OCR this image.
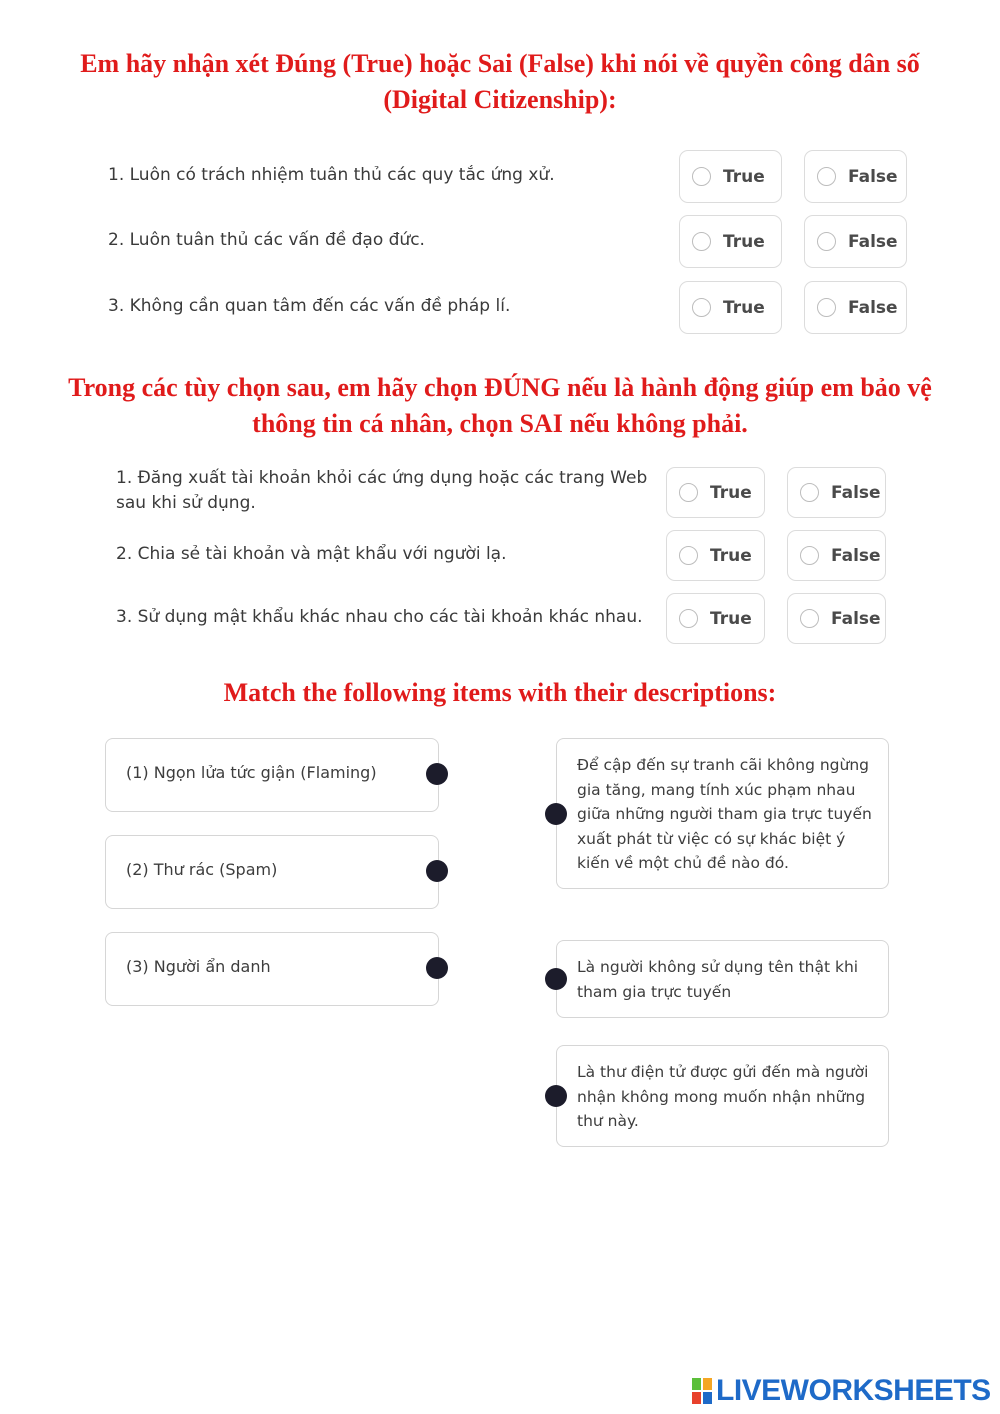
Em hãy nhận xét Đúng (True) hoặc Sai (False) khi nói về quyền công dân số (Digital Citizenship):
1. Luôn có trách nhiệm tuân thủ các quy tắc ứng xử.	True	False
2. Luôn tuân thủ các vấn đề đạo đức.	True	False
3. Không cần quan tâm đến các vấn đề pháp lí.	True	False
Trong các tùy chọn sau, em hãy chọn ĐÚNG nếu là hành động giúp em bảo vệ thông tin cá nhân, chọn SAI nếu không phải.
1. Đăng xuất tài khoản khỏi các ứng dụng hoặc các trang Web sau khi sử dụng.
True	False
2. Chia sẻ tài khoản và mật khẩu với người lạ.	True	False
3. Sử dụng mật khẩu khác nhau cho các tài khoản khác nhau.	True	False
Match the following items with their descriptions:
(1) Ngọn lửa tức giận (Flaming)
(2) Thư rác (Spam)
(3) Người ẩn danh
Để cập đến sự tranh cãi không ngừng gia tăng, mang tính xúc phạm nhau giữa những người tham gia trực tuyến xuất phát từ việc có sự khác biệt ý kiến về một chủ đề nào đó.
Là người không sử dụng tên thật khi tham gia trực tuyến
Là thư điện tử được gửi đến mà người nhận không mong muốn nhận những thư này.
LIVEWORKSHEETS
